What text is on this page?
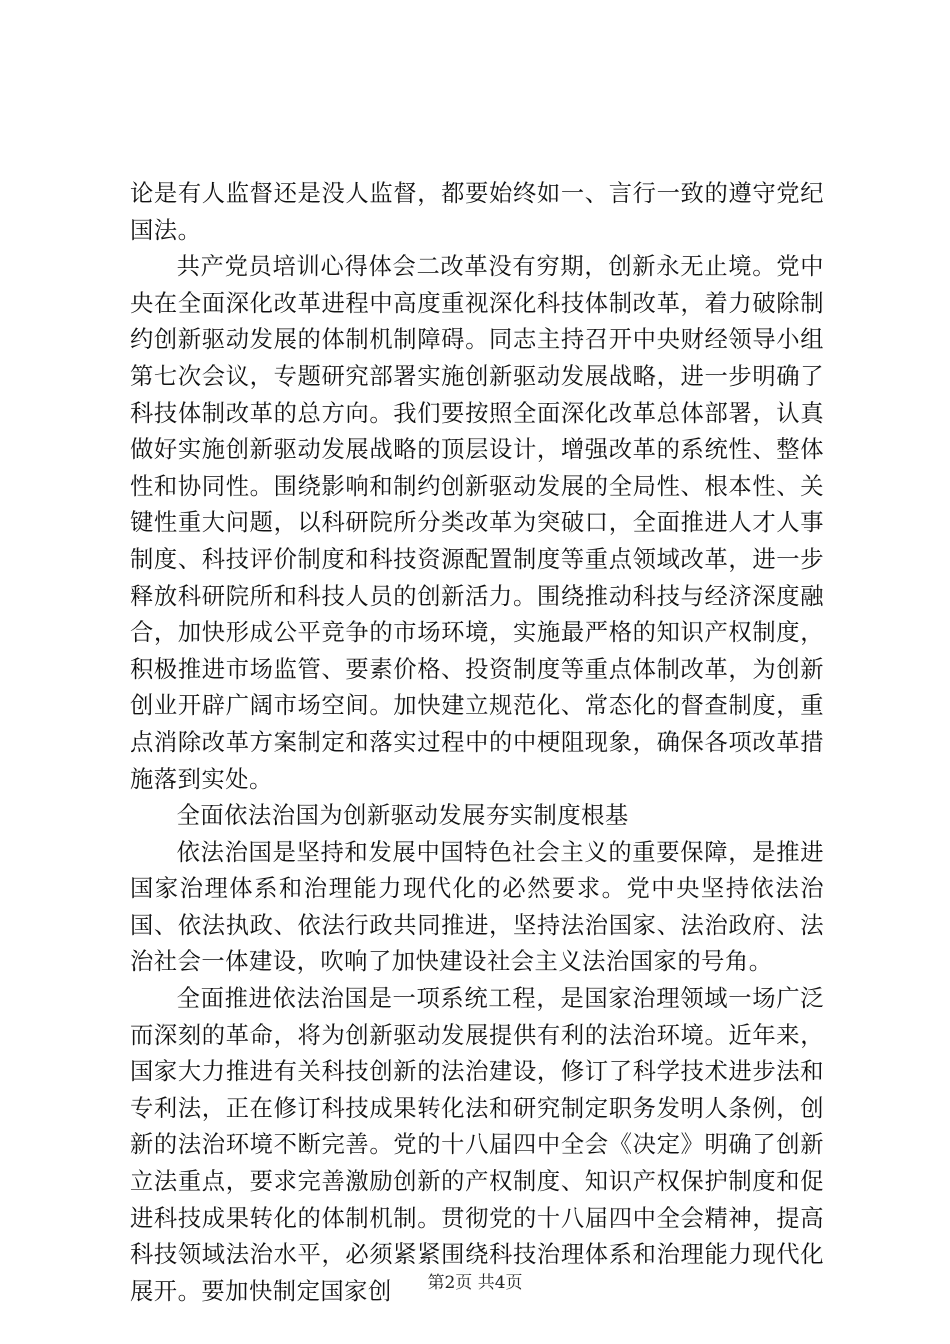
论是有人监督还是没人监督，都要始终如一、言行一致的遵守党纪国法。

共产党员培训心得体会二改革没有穷期，创新永无止境。党中央在全面深化改革进程中高度重视深化科技体制改革，着力破除制约创新驱动发展的体制机制障碍。同志主持召开中央财经领导小组第七次会议，专题研究部署实施创新驱动发展战略，进一步明确了科技体制改革的总方向。我们要按照全面深化改革总体部署，认真做好实施创新驱动发展战略的顶层设计，增强改革的系统性、整体性和协同性。围绕影响和制约创新驱动发展的全局性、根本性、关键性重大问题，以科研院所分类改革为突破口，全面推进人才人事制度、科技评价制度和科技资源配置制度等重点领域改革，进一步释放科研院所和科技人员的创新活力。围绕推动科技与经济深度融合，加快形成公平竞争的市场环境，实施最严格的知识产权制度，积极推进市场监管、要素价格、投资制度等重点体制改革，为创新创业开辟广阔市场空间。加快建立规范化、常态化的督查制度，重点消除改革方案制定和落实过程中的中梗阻现象，确保各项改革措施落到实处。

全面依法治国为创新驱动发展夯实制度根基

依法治国是坚持和发展中国特色社会主义的重要保障，是推进国家治理体系和治理能力现代化的必然要求。党中央坚持依法治国、依法执政、依法行政共同推进，坚持法治国家、法治政府、法治社会一体建设，吹响了加快建设社会主义法治国家的号角。

全面推进依法治国是一项系统工程，是国家治理领域一场广泛而深刻的革命，将为创新驱动发展提供有利的法治环境。近年来，国家大力推进有关科技创新的法治建设，修订了科学技术进步法和专利法，正在修订科技成果转化法和研究制定职务发明人条例，创新的法治环境不断完善。党的十八届四中全会《决定》明确了创新立法重点，要求完善激励创新的产权制度、知识产权保护制度和促进科技成果转化的体制机制。贯彻党的十八届四中全会精神，提高科技领域法治水平，必须紧紧围绕科技治理体系和治理能力现代化展开。要加快制定国家创	第2页 共4页
